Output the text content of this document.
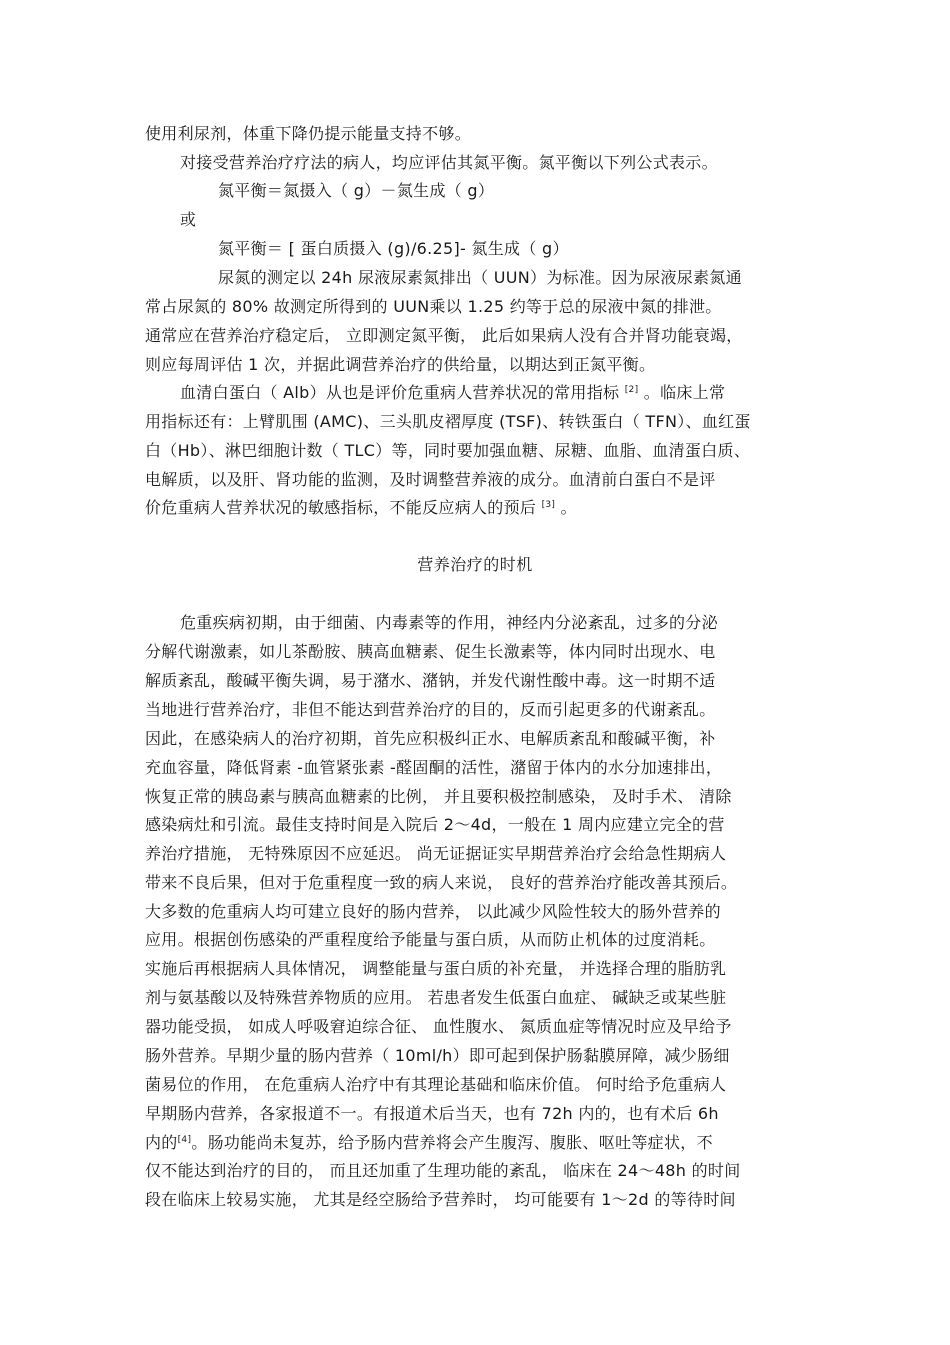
使用利尿剂，体重下降仍提示能量支持不够。
对接受营养治疗疗法的病人，均应评估其氮平衡。氮平衡以下列公式表示。
氮平衡＝氮摄入（ g）－氮生成（ g）
或
氮平衡＝ [ 蛋白质摄入 (g)/6.25]- 氮生成（ g）
尿氮的测定以 24h 尿液尿素氮排出（ UUN）为标准。因为尿液尿素氮通
常占尿氮的 80% 故测定所得到的 UUN乘以 1.25 约等于总的尿液中氮的排泄。
通常应在营养治疗稳定后， 立即测定氮平衡， 此后如果病人没有合并肾功能衰竭，
则应每周评估 1 次，并据此调营养治疗的供给量，以期达到正氮平衡。
血清白蛋白（ Alb）从也是评价危重病人营养状况的常用指标 [2] 。临床上常
用指标还有：上臂肌围 (AMC)、三头肌皮褶厚度 (TSF)、转铁蛋白（ TFN）、血红蛋
白（Hb）、淋巴细胞计数（ TLC）等，同时要加强血糖、尿糖、血脂、血清蛋白质、
电解质，以及肝、肾功能的监测，及时调整营养液的成分。血清前白蛋白不是评
价危重病人营养状况的敏感指标，不能反应病人的预后 [3] 。
营养治疗的时机
危重疾病初期，由于细菌、内毒素等的作用，神经内分泌紊乱，过多的分泌
分解代谢激素，如儿茶酚胺、胰高血糖素、促生长激素等，体内同时出现水、电
解质紊乱，酸碱平衡失调，易于潴水、潴钠，并发代谢性酸中毒。这一时期不适
当地进行营养治疗，非但不能达到营养治疗的目的，反而引起更多的代谢紊乱。
因此，在感染病人的治疗初期，首先应积极纠正水、电解质紊乱和酸碱平衡，补
充血容量，降低肾素 -血管紧张素 -醛固酮的活性，潴留于体内的水分加速排出，
恢复正常的胰岛素与胰高血糖素的比例， 并且要积极控制感染， 及时手术、 清除
感染病灶和引流。最佳支持时间是入院后 2～4d，一般在 1 周内应建立完全的营
养治疗措施， 无特殊原因不应延迟。 尚无证据证实早期营养治疗会给急性期病人
带来不良后果，但对于危重程度一致的病人来说， 良好的营养治疗能改善其预后。
大多数的危重病人均可建立良好的肠内营养， 以此减少风险性较大的肠外营养的
应用。根据创伤感染的严重程度给予能量与蛋白质，从而防止机体的过度消耗。
实施后再根据病人具体情况， 调整能量与蛋白质的补充量， 并选择合理的脂肪乳
剂与氨基酸以及特殊营养物质的应用。 若患者发生低蛋白血症、 碱缺乏或某些脏
器功能受损， 如成人呼吸窘迫综合征、 血性腹水、 氮质血症等情况时应及早给予
肠外营养。早期少量的肠内营养（ 10ml/h）即可起到保护肠黏膜屏障，减少肠细
菌易位的作用， 在危重病人治疗中有其理论基础和临床价值。 何时给予危重病人
早期肠内营养，各家报道不一。有报道术后当天，也有 72h 内的，也有术后 6h
内的[4]。肠功能尚未复苏，给予肠内营养将会产生腹泻、腹胀、呕吐等症状，不
仅不能达到治疗的目的， 而且还加重了生理功能的紊乱， 临床在 24～48h 的时间
段在临床上较易实施， 尤其是经空肠给予营养时， 均可能要有 1～2d 的等待时间
